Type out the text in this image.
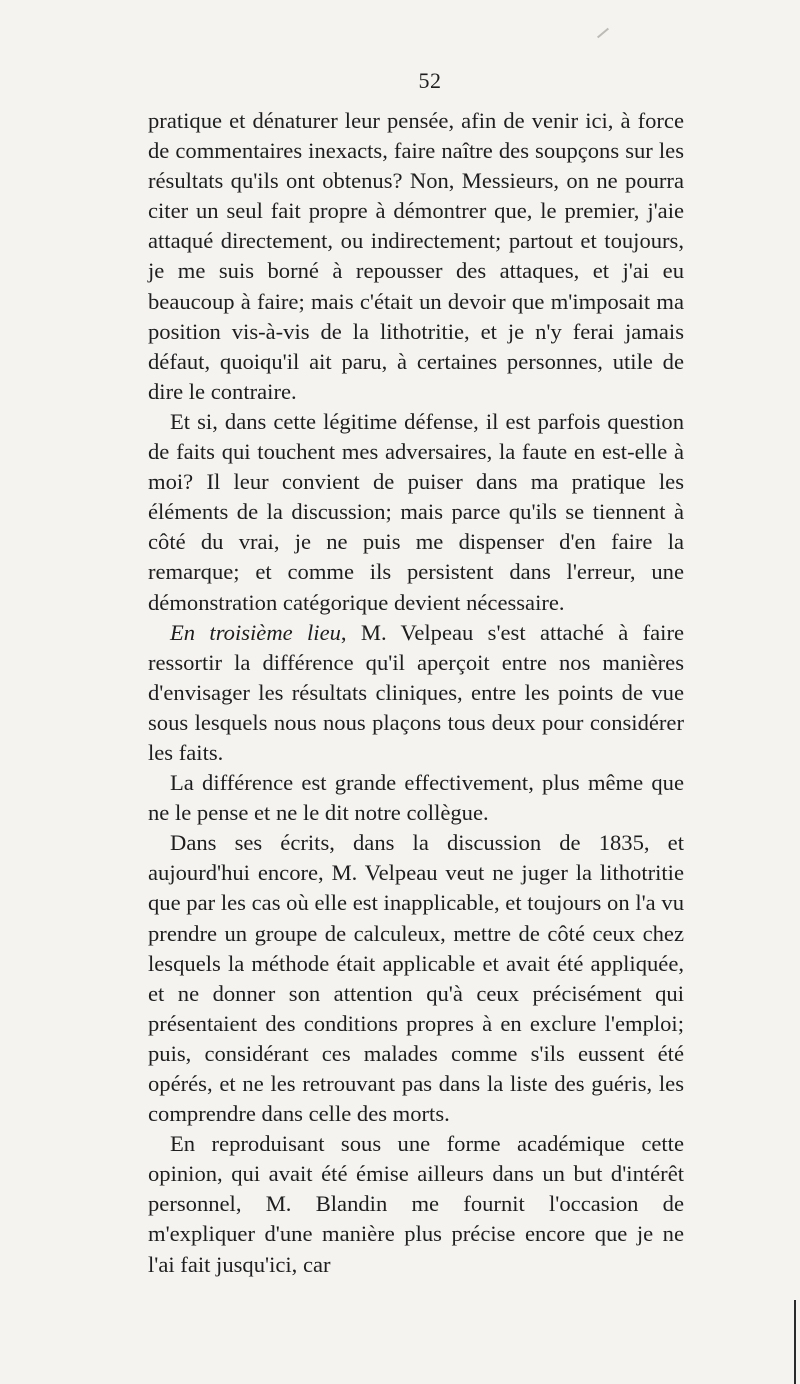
52

pratique et dénaturer leur pensée, afin de venir ici, à force de commentaires inexacts, faire naître des soupçons sur les résultats qu'ils ont obtenus? Non, Messieurs, on ne pourra citer un seul fait propre à démontrer que, le premier, j'aie attaqué directement, ou indirectement; partout et toujours, je me suis borné à repousser des attaques, et j'ai eu beaucoup à faire; mais c'était un devoir que m'imposait ma position vis-à-vis de la lithotritie, et je n'y ferai jamais défaut, quoiqu'il ait paru, à certaines personnes, utile de dire le contraire.

Et si, dans cette légitime défense, il est parfois question de faits qui touchent mes adversaires, la faute en est-elle à moi? Il leur convient de puiser dans ma pratique les éléments de la discussion; mais parce qu'ils se tiennent à côté du vrai, je ne puis me dispenser d'en faire la remarque; et comme ils persistent dans l'erreur, une démonstration catégorique devient nécessaire.

En troisième lieu, M. Velpeau s'est attaché à faire ressortir la différence qu'il aperçoit entre nos manières d'envisager les résultats cliniques, entre les points de vue sous lesquels nous nous plaçons tous deux pour considérer les faits.

La différence est grande effectivement, plus même que ne le pense et ne le dit notre collègue.

Dans ses écrits, dans la discussion de 1835, et aujourd'hui encore, M. Velpeau veut ne juger la lithotritie que par les cas où elle est inapplicable, et toujours on l'a vu prendre un groupe de calculeux, mettre de côté ceux chez lesquels la méthode était applicable et avait été appliquée, et ne donner son attention qu'à ceux précisément qui présentaient des conditions propres à en exclure l'emploi; puis, considérant ces malades comme s'ils eussent été opérés, et ne les retrouvant pas dans la liste des guéris, les comprendre dans celle des morts.

En reproduisant sous une forme académique cette opinion, qui avait été émise ailleurs dans un but d'intérêt personnel, M. Blandin me fournit l'occasion de m'expliquer d'une manière plus précise encore que je ne l'ai fait jusqu'ici, car
